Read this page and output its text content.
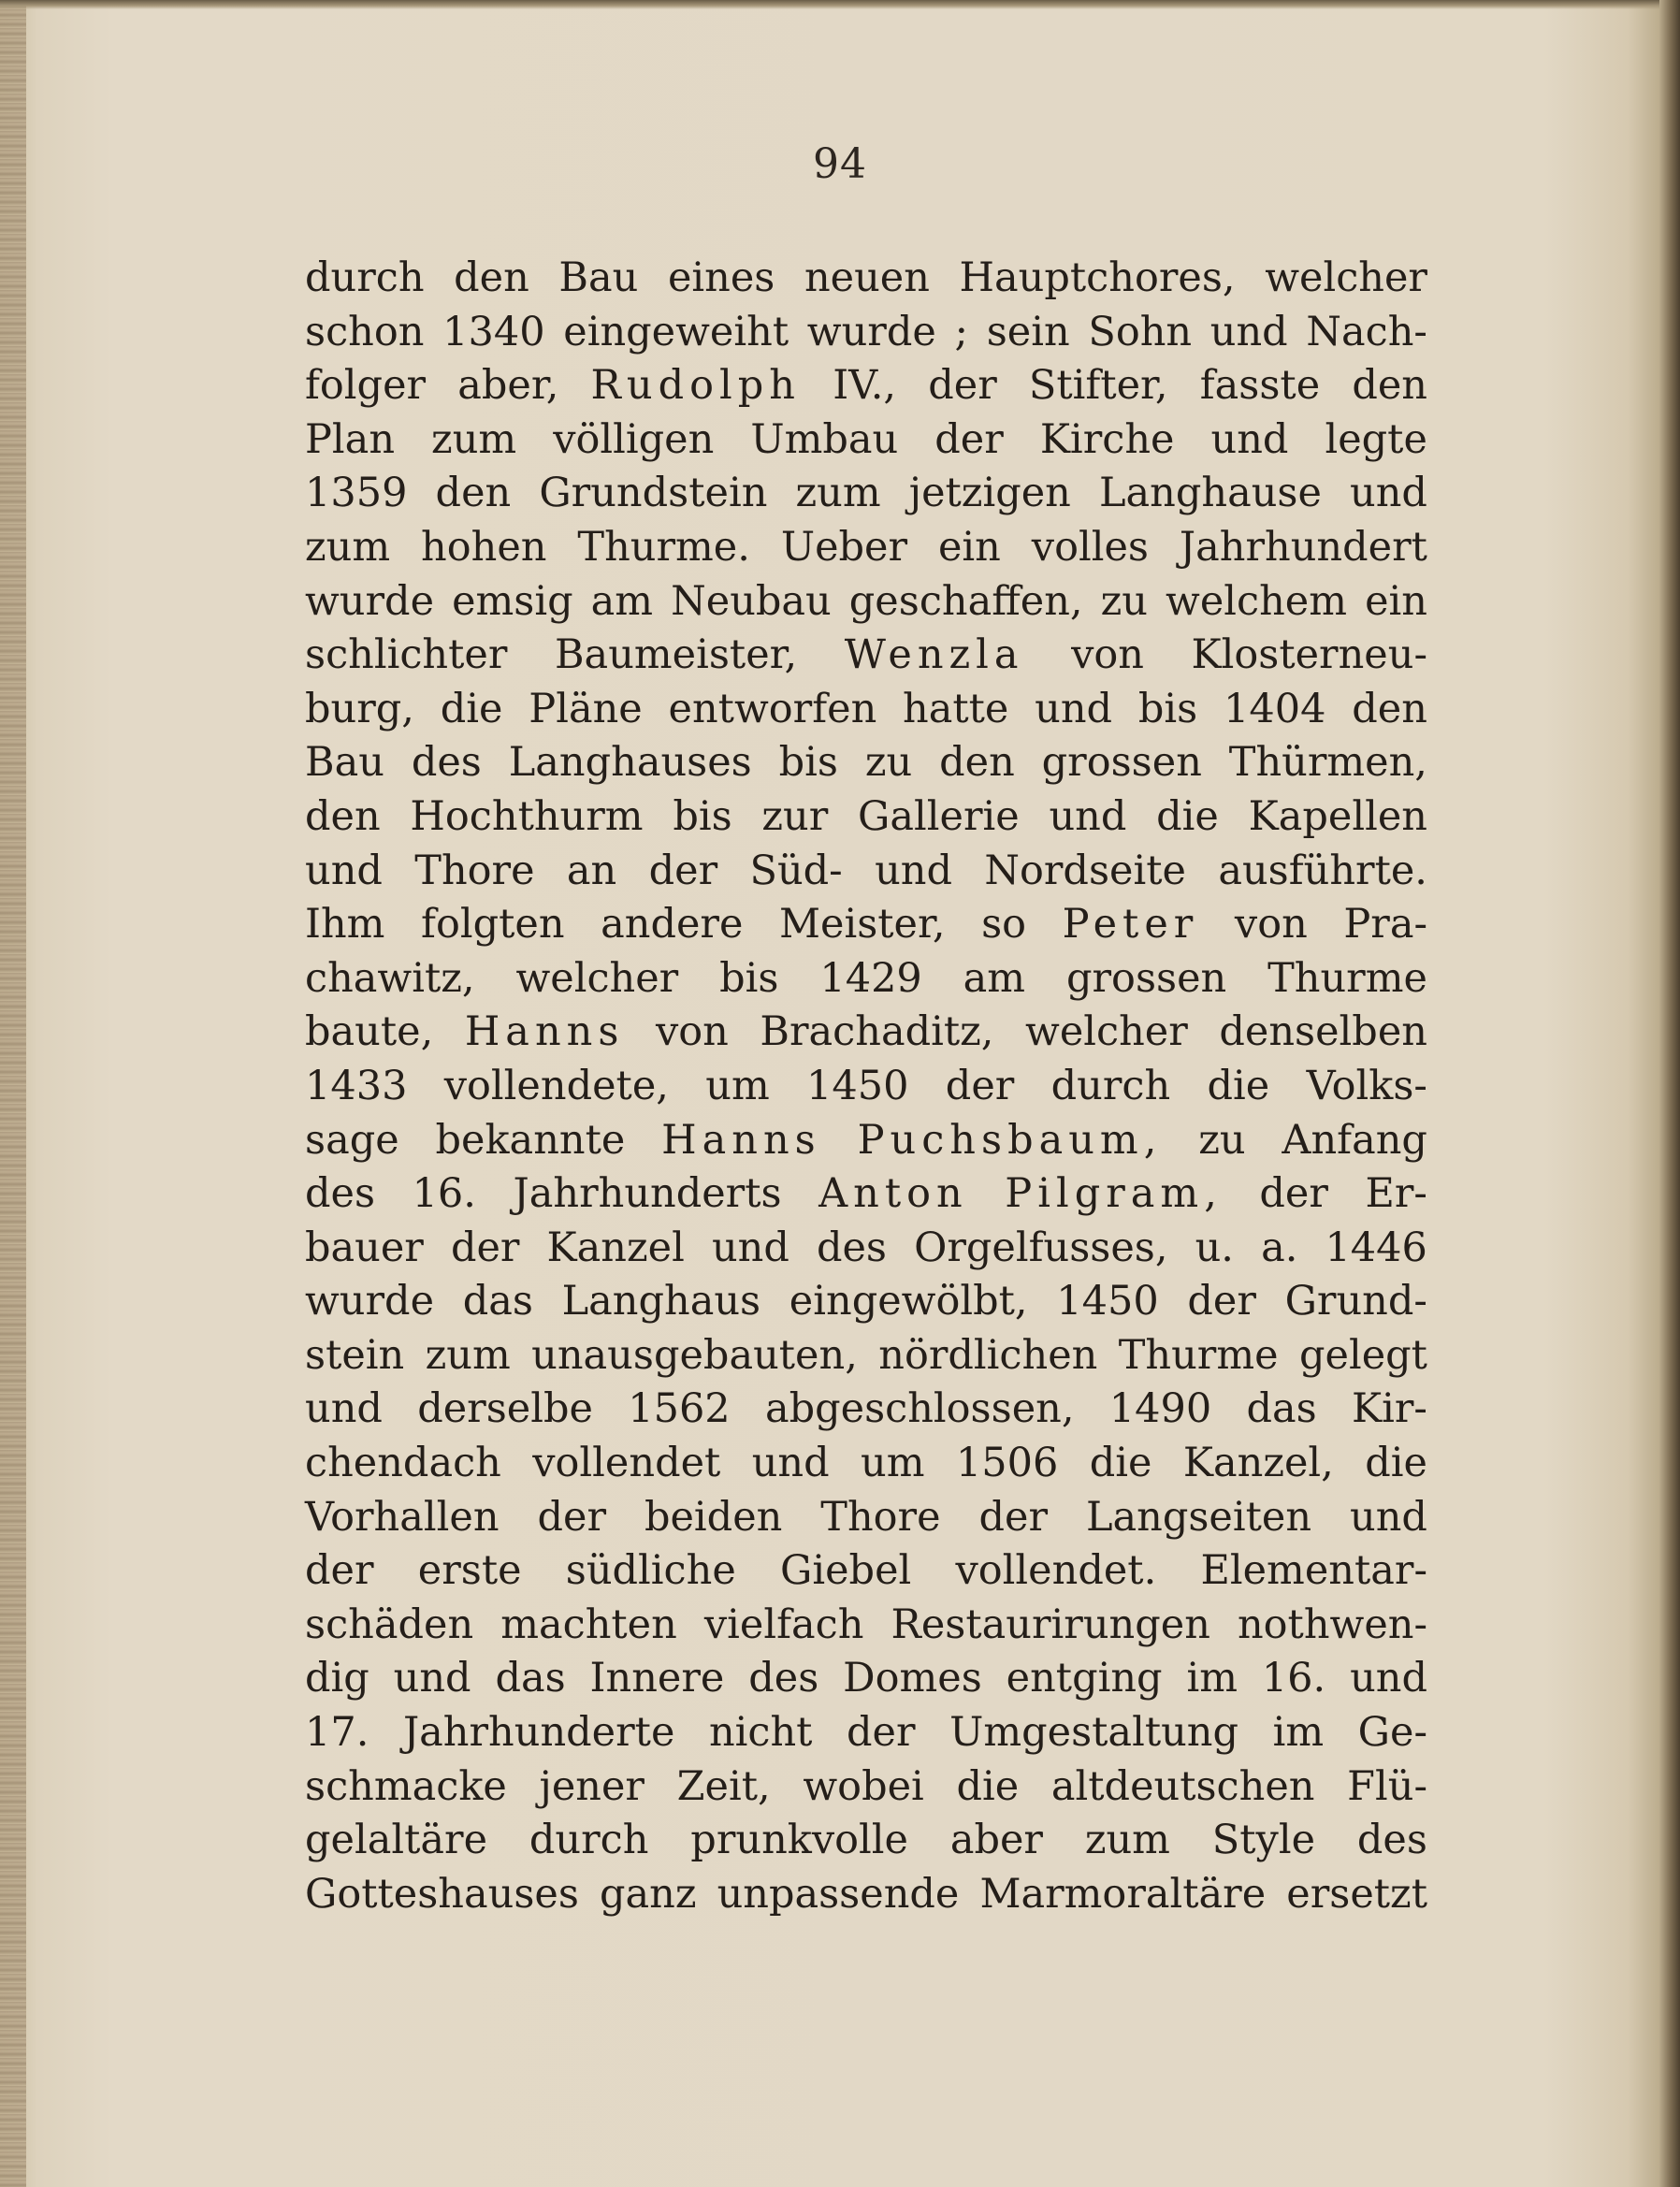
94
durch den Bau eines neuen Hauptchores, welcher
schon 1340 eingeweiht wurde ; sein Sohn und Nach-
folger aber, Rudolph IV., der Stifter, fasste den
Plan zum völligen Umbau der Kirche und legte
1359 den Grundstein zum jetzigen Langhause und
zum hohen Thurme. Ueber ein volles Jahrhundert
wurde emsig am Neubau geschaffen, zu welchem ein
schlichter Baumeister, Wenzla von Klosterneu-
burg, die Pläne entworfen hatte und bis 1404 den
Bau des Langhauses bis zu den grossen Thürmen,
den Hochthurm bis zur Gallerie und die Kapellen
und Thore an der Süd- und Nordseite ausführte.
Ihm folgten andere Meister, so Peter von Pra-
chawitz, welcher bis 1429 am grossen Thurme
baute, Hanns von Brachaditz, welcher denselben
1433 vollendete, um 1450 der durch die Volks-
sage bekannte Hanns Puchsbaum, zu Anfang
des 16. Jahrhunderts Anton Pilgram, der Er-
bauer der Kanzel und des Orgelfusses, u. a. 1446
wurde das Langhaus eingewölbt, 1450 der Grund-
stein zum unausgebauten, nördlichen Thurme gelegt
und derselbe 1562 abgeschlossen, 1490 das Kir-
chendach vollendet und um 1506 die Kanzel, die
Vorhallen der beiden Thore der Langseiten und
der erste südliche Giebel vollendet. Elementar-
schäden machten vielfach Restaurirungen nothwen-
dig und das Innere des Domes entging im 16. und
17. Jahrhunderte nicht der Umgestaltung im Ge-
schmacke jener Zeit, wobei die altdeutschen Flü-
gelaltäre durch prunkvolle aber zum Style des
Gotteshauses ganz unpassende Marmoraltäre ersetzt
